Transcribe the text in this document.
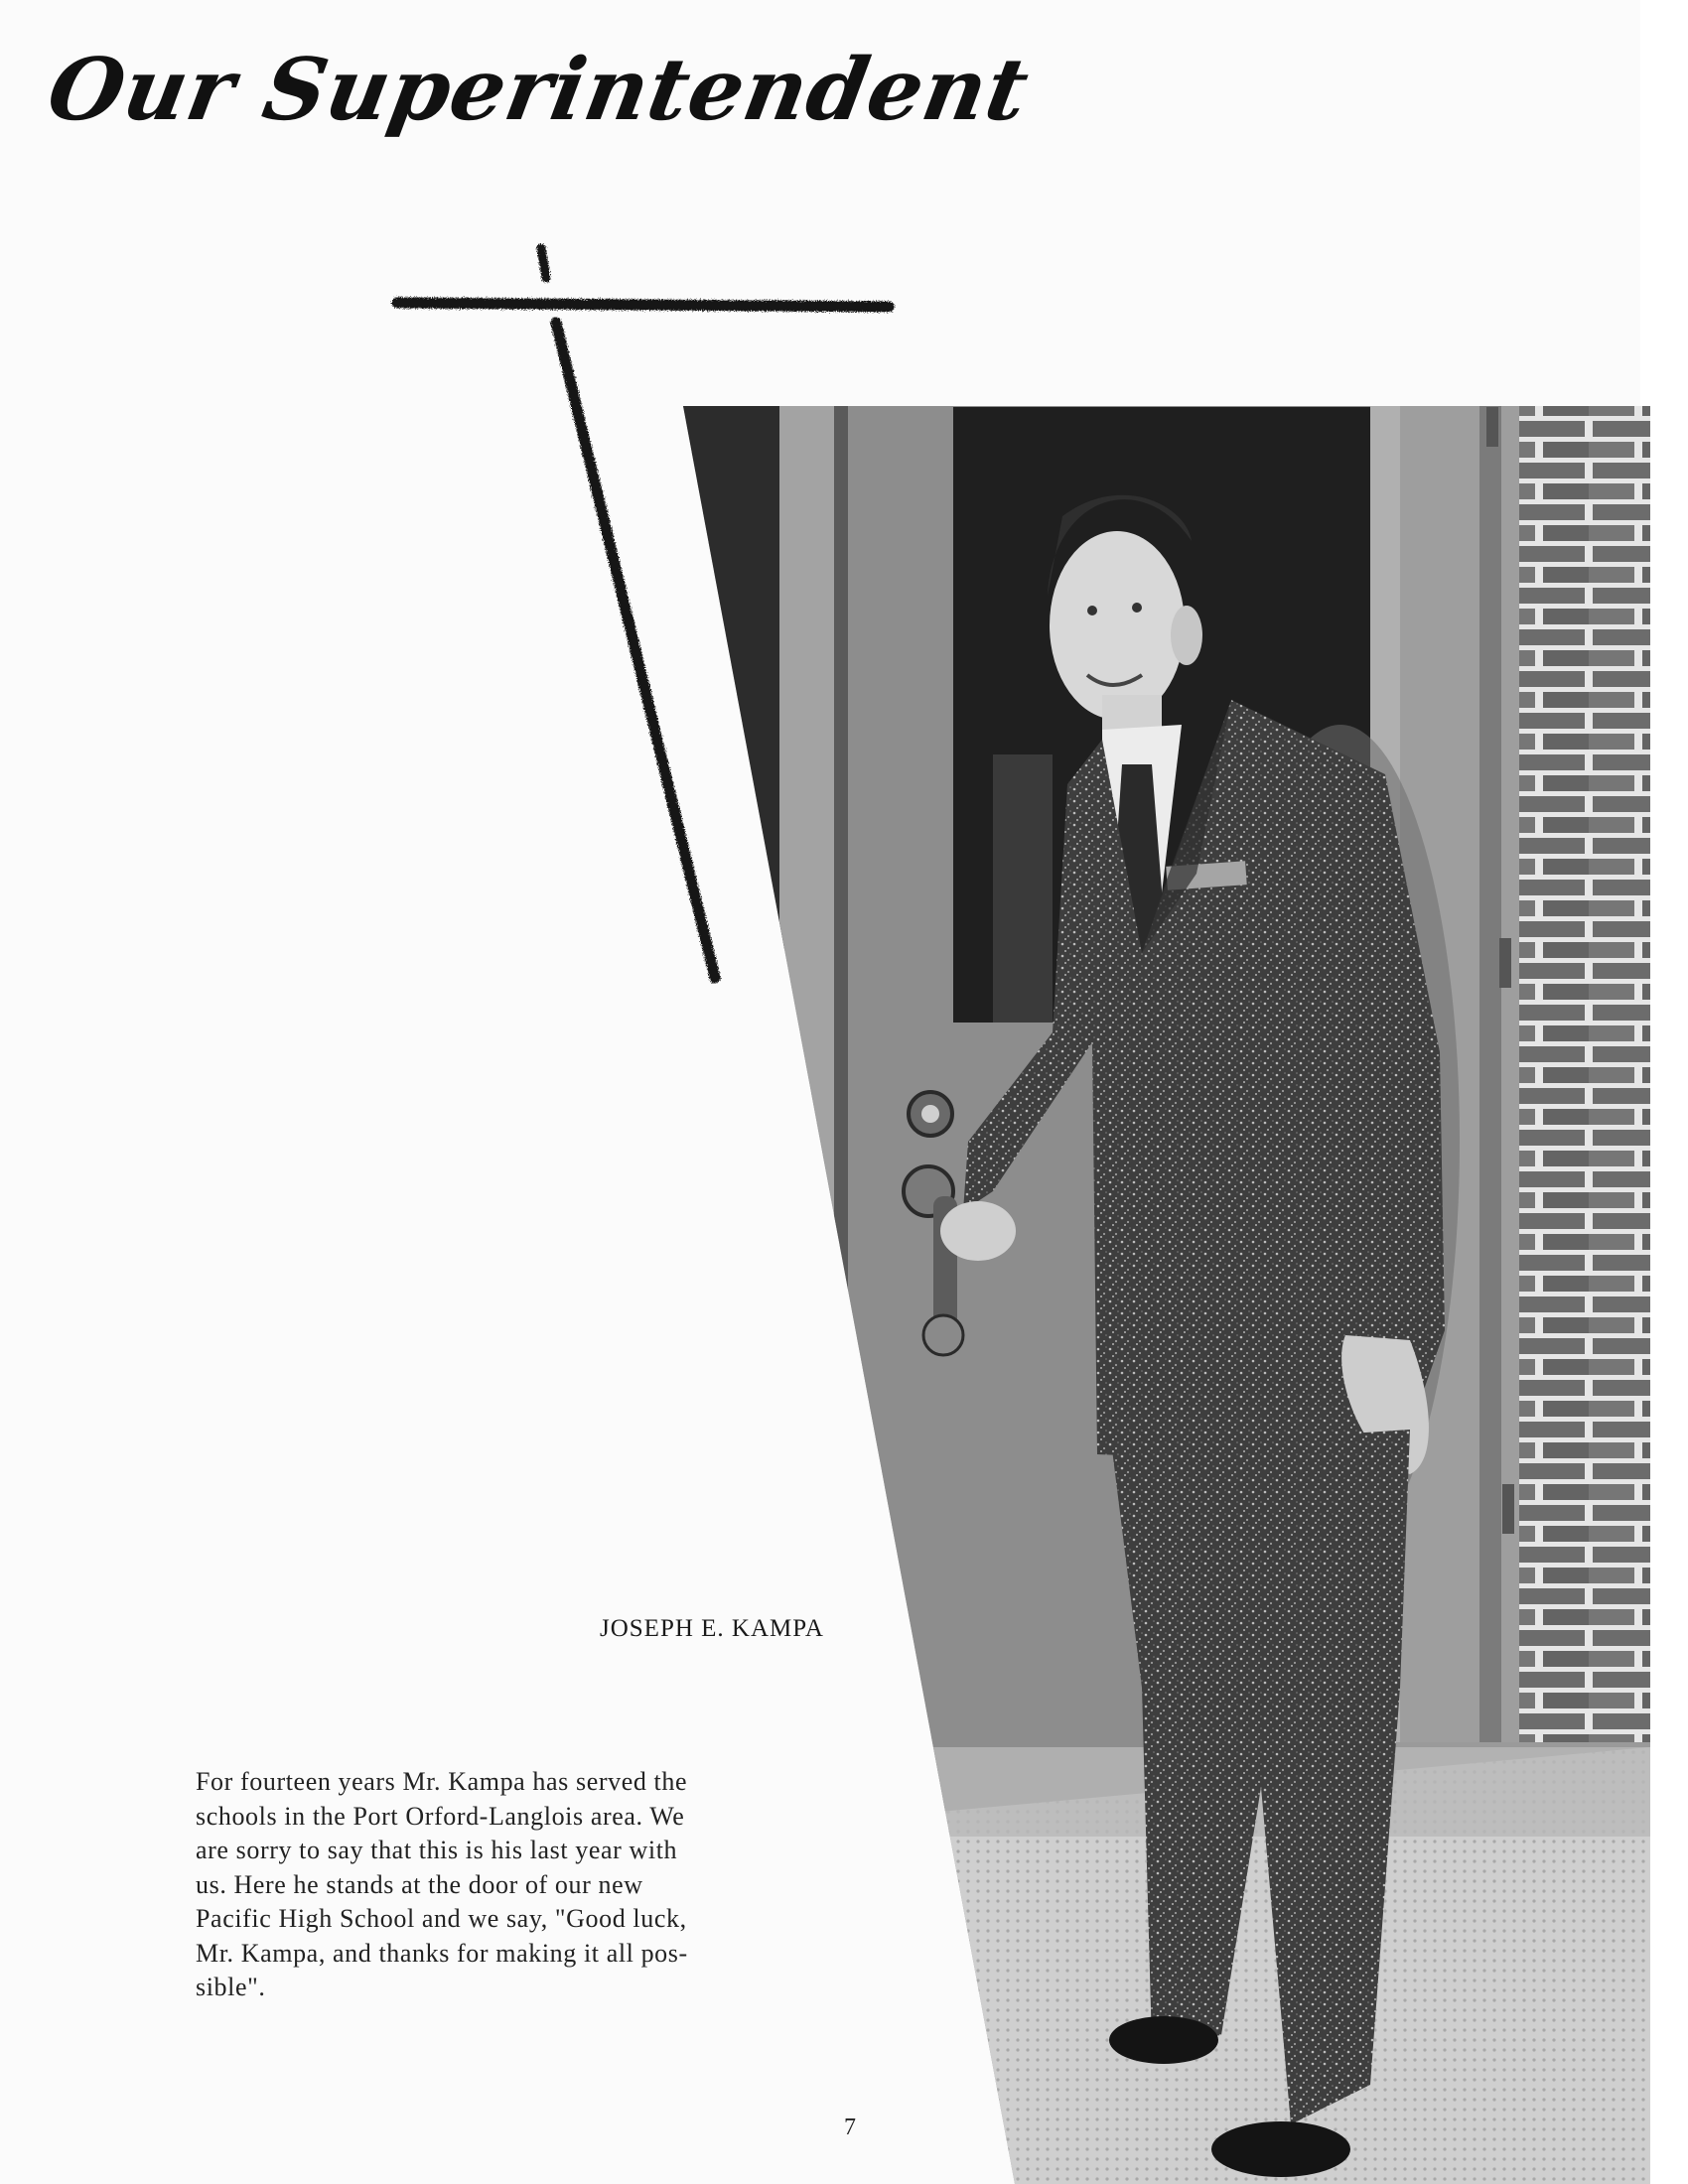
Our Superintendent

JOSEPH E. KAMPA

For fourteen years Mr. Kampa has served the
schools in the Port Orford-Langlois area. We
are sorry to say that this is his last year with
us. Here he stands at the door of our new
Pacific High School and we say, "Good luck,
Mr. Kampa, and thanks for making it all pos-
sible".

7
